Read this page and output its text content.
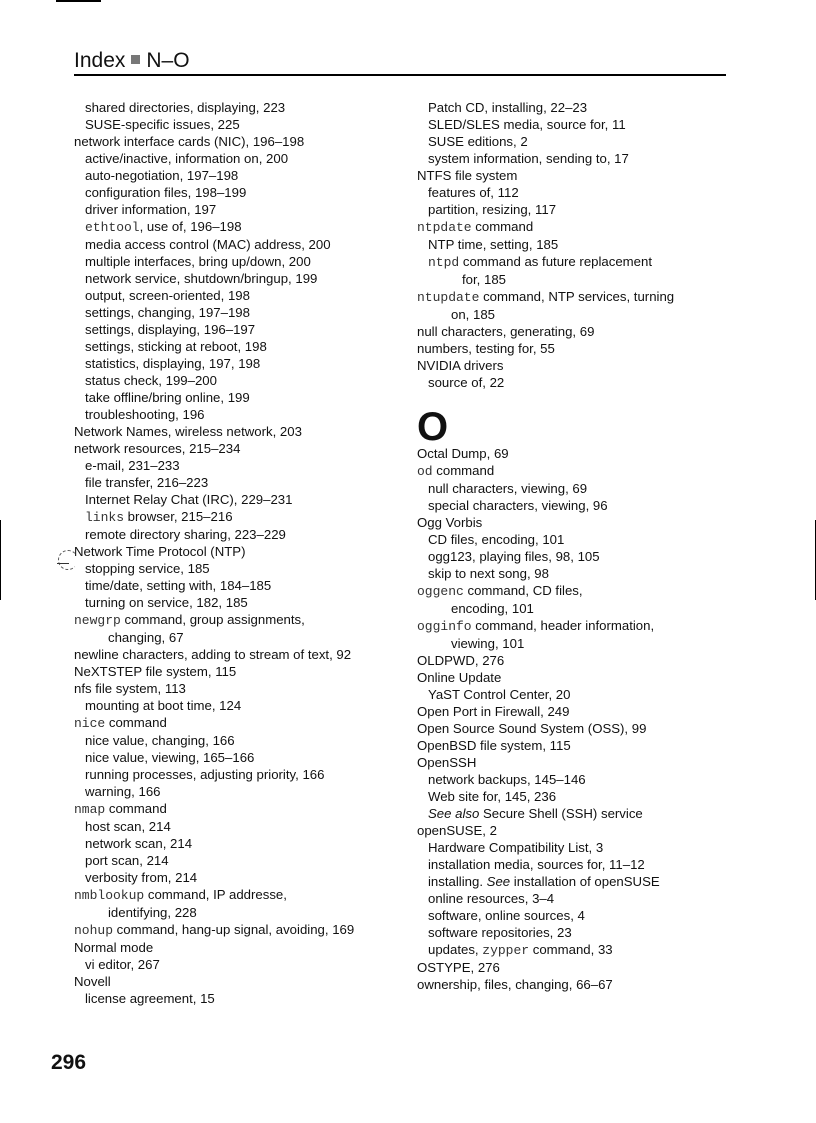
Index N–O
shared directories, displaying, 223
SUSE-specific issues, 225
network interface cards (NIC), 196–198
active/inactive, information on, 200
auto-negotiation, 197–198
configuration files, 198–199
driver information, 197
ethtool, use of, 196–198
media access control (MAC) address, 200
multiple interfaces, bring up/down, 200
network service, shutdown/bringup, 199
output, screen-oriented, 198
settings, changing, 197–198
settings, displaying, 196–197
settings, sticking at reboot, 198
statistics, displaying, 197, 198
status check, 199–200
take offline/bring online, 199
troubleshooting, 196
Network Names, wireless network, 203
network resources, 215–234
e-mail, 231–233
file transfer, 216–223
Internet Relay Chat (IRC), 229–231
links browser, 215–216
remote directory sharing, 223–229
Network Time Protocol (NTP)
stopping service, 185
time/date, setting with, 184–185
turning on service, 182, 185
newgrp command, group assignments,
changing, 67
newline characters, adding to stream of text, 92
NeXTSTEP file system, 115
nfs file system, 113
mounting at boot time, 124
nice command
nice value, changing, 166
nice value, viewing, 165–166
running processes, adjusting priority, 166
warning, 166
nmap command
host scan, 214
network scan, 214
port scan, 214
verbosity from, 214
nmblookup command, IP addresse,
identifying, 228
nohup command, hang-up signal, avoiding, 169
Normal mode
vi editor, 267
Novell
license agreement, 15
Patch CD, installing, 22–23
SLED/SLES media, source for, 11
SUSE editions, 2
system information, sending to, 17
NTFS file system
features of, 112
partition, resizing, 117
ntpdate command
NTP time, setting, 185
ntpd command as future replacement
for, 185
ntupdate command, NTP services, turning
on, 185
null characters, generating, 69
numbers, testing for, 55
NVIDIA drivers
source of, 22
O
Octal Dump, 69
od command
null characters, viewing, 69
special characters, viewing, 96
Ogg Vorbis
CD files, encoding, 101
ogg123, playing files, 98, 105
skip to next song, 98
oggenc command, CD files,
encoding, 101
ogginfo command, header information,
viewing, 101
OLDPWD, 276
Online Update
YaST Control Center, 20
Open Port in Firewall, 249
Open Source Sound System (OSS), 99
OpenBSD file system, 115
OpenSSH
network backups, 145–146
Web site for, 145, 236
See also Secure Shell (SSH) service
openSUSE, 2
Hardware Compatibility List, 3
installation media, sources for, 11–12
installing. See installation of openSUSE
online resources, 3–4
software, online sources, 4
software repositories, 23
updates, zypper command, 33
OSTYPE, 276
ownership, files, changing, 66–67
296
